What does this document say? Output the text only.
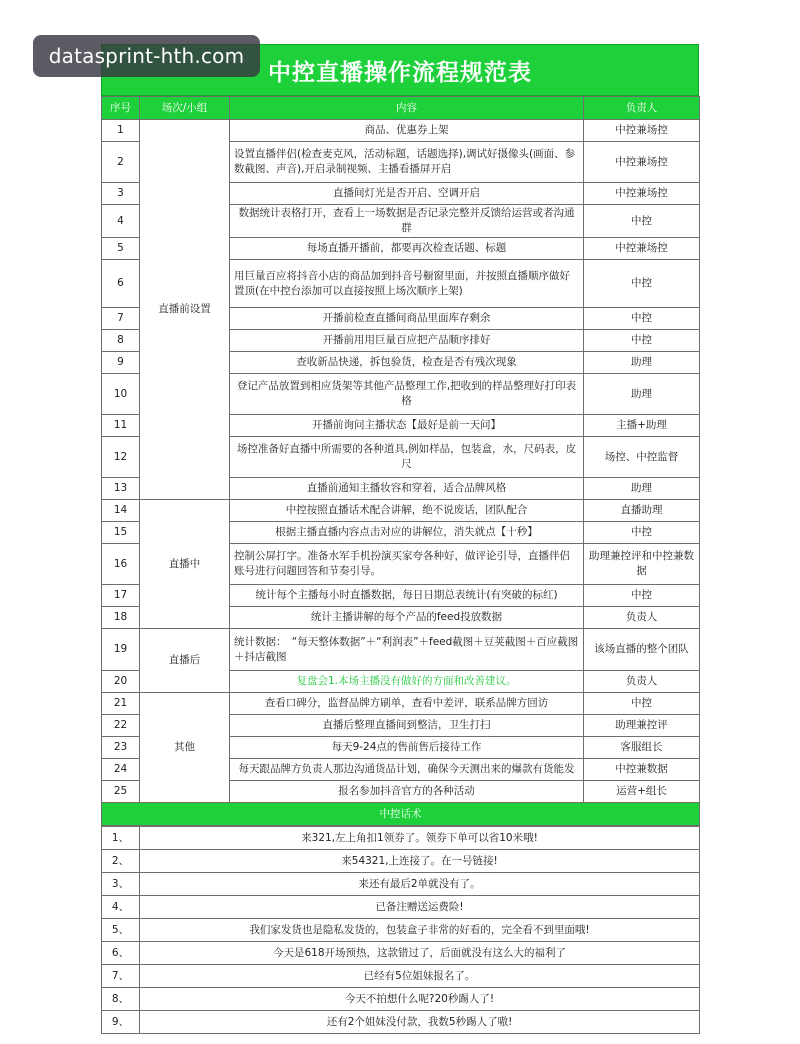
datasprint-hth.com
中控直播操作流程规范表
序号	场次/小组	内容	负责人
1	直播前设置	商品、优惠券上架	中控兼场控
2		设置直播伴侣(检查麦克风，活动标题，话题选择),调试好摄像头(画面、参数截图、声音),开启录制视频、主播看播屏开启	中控兼场控
3		直播间灯光是否开启、空调开启	中控兼场控
4		数据统计表格打开，查看上一场数据是否记录完整并反馈给运营或者沟通群	中控
5		每场直播开播前，都要再次检查话题、标题	中控兼场控
6		用巨量百应将抖音小店的商品加到抖音号橱窗里面，并按照直播顺序做好置顶(在中控台添加可以直接按照上场次顺序上架)	中控
7		开播前检查直播间商品里面库存剩余	中控
8		开播前用用巨量百应把产品顺序排好	中控
9		查收新品快递，拆包验货，检查是否有残次现象	助理
10		登记产品放置到相应货架等其他产品整理工作,把收到的样品整理好打印表格	助理
11		开播前询问主播状态【最好是前一天问】	主播+助理
12		场控准备好直播中所需要的各种道具,例如样品，包装盒，水，尺码表，皮尺	场控、中控监督
13		直播前通知主播妆容和穿着，适合品牌风格	助理
14	直播中	中控按照直播话术配合讲解，绝不说废话，团队配合	直播助理
15		根据主播直播内容点击对应的讲解位，消失就点【十秒】	中控
16		控制公屏打字。准备水军手机扮演买家夸各种好，做评论引导，直播伴侣账号进行问题回答和节奏引导。	助理兼控评和中控兼数据
17		统计每个主播每小时直播数据，每日日期总表统计(有突破的标红)	中控
18		统计主播讲解的每个产品的feed投放数据	负责人
19	直播后	统计数据：　“每天整体数据”＋“利润表”＋feed截图＋豆荚截图＋百应截图＋抖店截图	该场直播的整个团队
20		复盘会1.本场主播没有做好的方面和改善建议。	负责人
21	其他	查看口碑分，监督品牌方刷单，查看中差评，联系品牌方回访	中控
22		直播后整理直播间到整洁，卫生打扫	助理兼控评
23		每天9-24点的售前售后接待工作	客服组长
24		每天跟品牌方负责人那边沟通货品计划，确保今天测出来的爆款有货能发	中控兼数据
25		报名参加抖音官方的各种活动	运营+组长
中控话术			
1、	来321,左上角扣1领券了。领券下单可以省10米哦!
2、	来54321,上连接了。在一号链接!
3、	来还有最后2单就没有了。
4、	已备注赠送运费险!
5、	我们家发货也是隐私发货的，包装盒子非常的好看的，完全看不到里面哦!
6、	今天是618开场预热，这款错过了，后面就没有这么大的福利了
7、	已经有5位姐妹报名了。
8、	今天不拍想什么呢?20秒踢人了!
9、	还有2个姐妹没付款，我数5秒踢人了嗷!
